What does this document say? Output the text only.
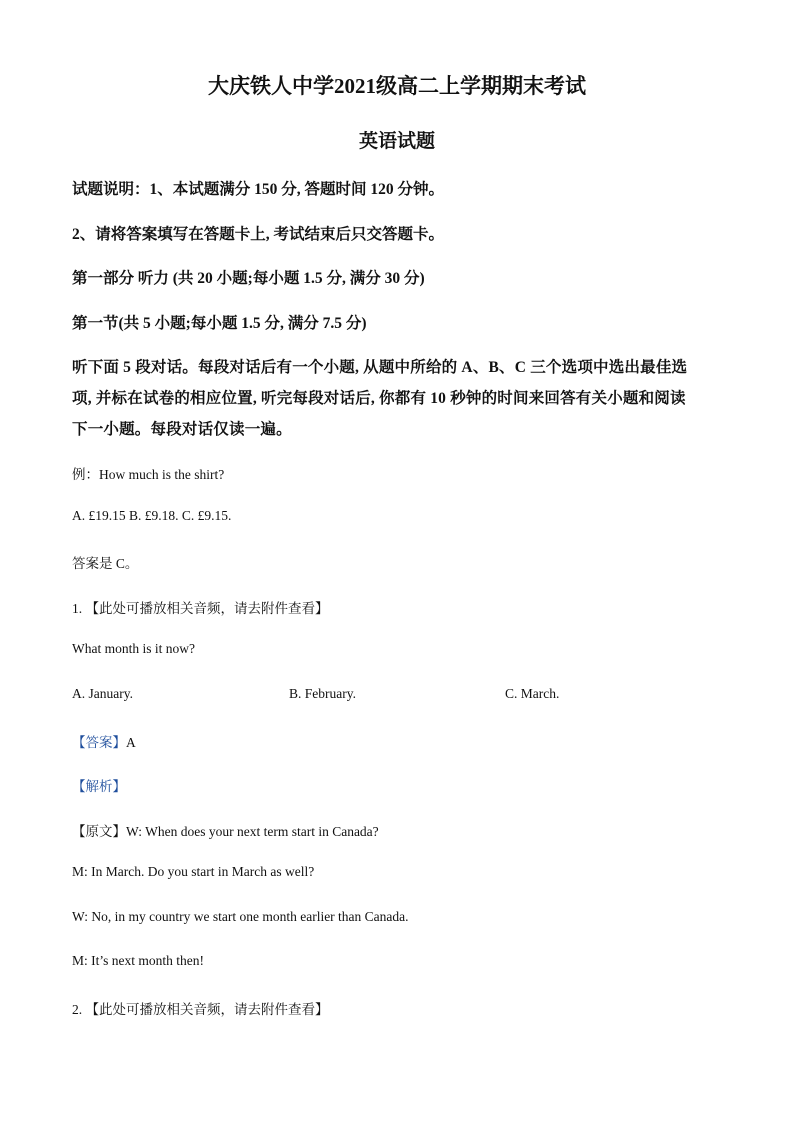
大庆铁人中学2021级高二上学期期末考试
英语试题
试题说明：1、本试题满分 150 分, 答题时间 120 分钟。
2、请将答案填写在答题卡上, 考试结束后只交答题卡。
第一部分 听力 (共 20 小题;每小题 1.5 分, 满分 30 分)
第一节(共 5 小题;每小题 1.5 分, 满分 7.5 分)
听下面 5 段对话。每段对话后有一个小题, 从题中所给的 A、B、C 三个选项中选出最佳选
项, 并标在试卷的相应位置, 听完每段对话后, 你都有 10 秒钟的时间来回答有关小题和阅读
下一小题。每段对话仅读一遍。
例：How much is the shirt?
A. £19.15 B. £9.18. C. £9.15.
答案是 C。
1. 【此处可播放相关音频，请去附件查看】
What month is it now?
A. January.	B. February.	C. March.
【答案】A
【解析】
【原文】W: When does your next term start in Canada?
M: In March. Do you start in March as well?
W: No, in my country we start one month earlier than Canada.
M: It’s next month then!
2. 【此处可播放相关音频，请去附件查看】
